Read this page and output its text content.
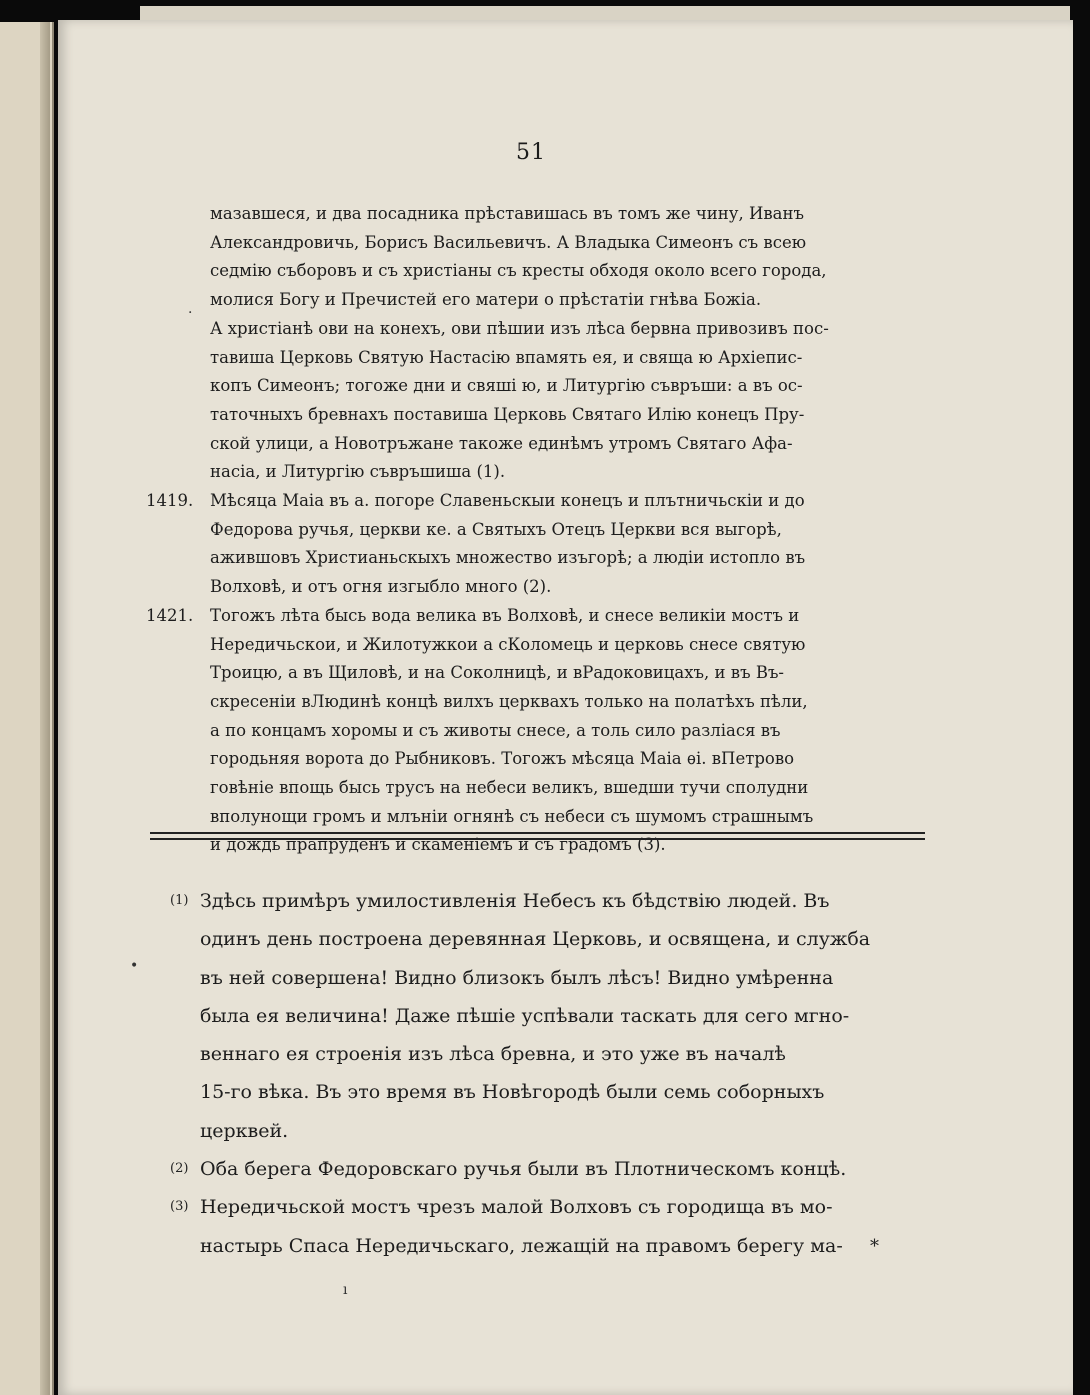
51
мазавшеся, и два посадника прѣставишась въ томъ же чину, Иванъ
Александровичь, Борисъ Васильевичъ. А Владыка Симеонъ съ всею
седмію съборовъ и съ христіаны съ кресты обходя около всего города,
молися Богу и Пречистей его матери о прѣстатіи гнѣва Божіа.
А христіанѣ ови на конехъ, ови пѣшии изъ лѣса бервна привозивъ пос-
тавиша Церковь Святую Настасію впамять ея, и свяща ю Архіепис-
копъ Симеонъ; тогоже дни и свяші ю, и Литургію съвръши: а въ ос-
таточныхъ бревнахъ поставиша Церковь Святаго Илію конецъ Пру-
ской улици, а Новотръжане такоже единѣмъ утромъ Святаго Афа-
насіа, и Литургію съвръшиша (1).
1419. Мѣсяца Маіа въ а. погоре Славеньскыи конецъ и плътничьскіи и до
Федорова ручья, церкви ке. а Святыхъ Отецъ Церкви вся выгорѣ,
ажившовъ Христианьскыхъ множество изъгорѣ; а людіи истопло въ
Волховѣ, и отъ огня изгыбло много (2).
1421. Тогожъ лѣта бысь вода велика въ Волховѣ, и снесе великіи мостъ и
Нередичьскои, и Жилотужкои а сКоломець и церковь снесе святую
Троицю, а въ Щиловѣ, и на Соколницѣ, и вРадоковицахъ, и въ Въ-
скресеніи вЛюдинѣ концѣ вилхъ церквахъ только на полатѣхъ пѣли,
а по концамъ хоромы и съ животы снесе, а толь сило разліася въ
городьняя ворота до Рыбниковъ. Тогожъ мѣсяца Маіа ѳі. вПетрово
говѣніе впощь бысь трусъ на небеси великъ, вшедши тучи сполудни
вполунощи громъ и млъніи огнянѣ съ небеси съ шумомъ страшнымъ
и дождь прапруденъ и скаменіемъ и съ градомъ (3).
(1) Здѣсь примѣръ умилостивленія Небесъ къ бѣдствію людей. Въ
одинъ день построена деревянная Церковь, и освящена, и служба
въ ней совершена! Видно близокъ былъ лѣсъ! Видно умѣренна
была ея величина! Даже пѣшіе успѣвали таскать для сего мгно-
веннаго ея строенія изъ лѣса бревна, и это уже въ началѣ
15-го вѣка. Въ это время въ Новѣгородѣ были семь соборныхъ
церквей.
(2) Оба берега Федоровскаго ручья были въ Плотническомъ концѣ.
(3) Нередичьской мостъ чрезъ малой Волховъ съ городища въ мо-
настырь Спаса Нередичьскаго, лежащій на правомъ берегу ма-	*
·
•
ı
